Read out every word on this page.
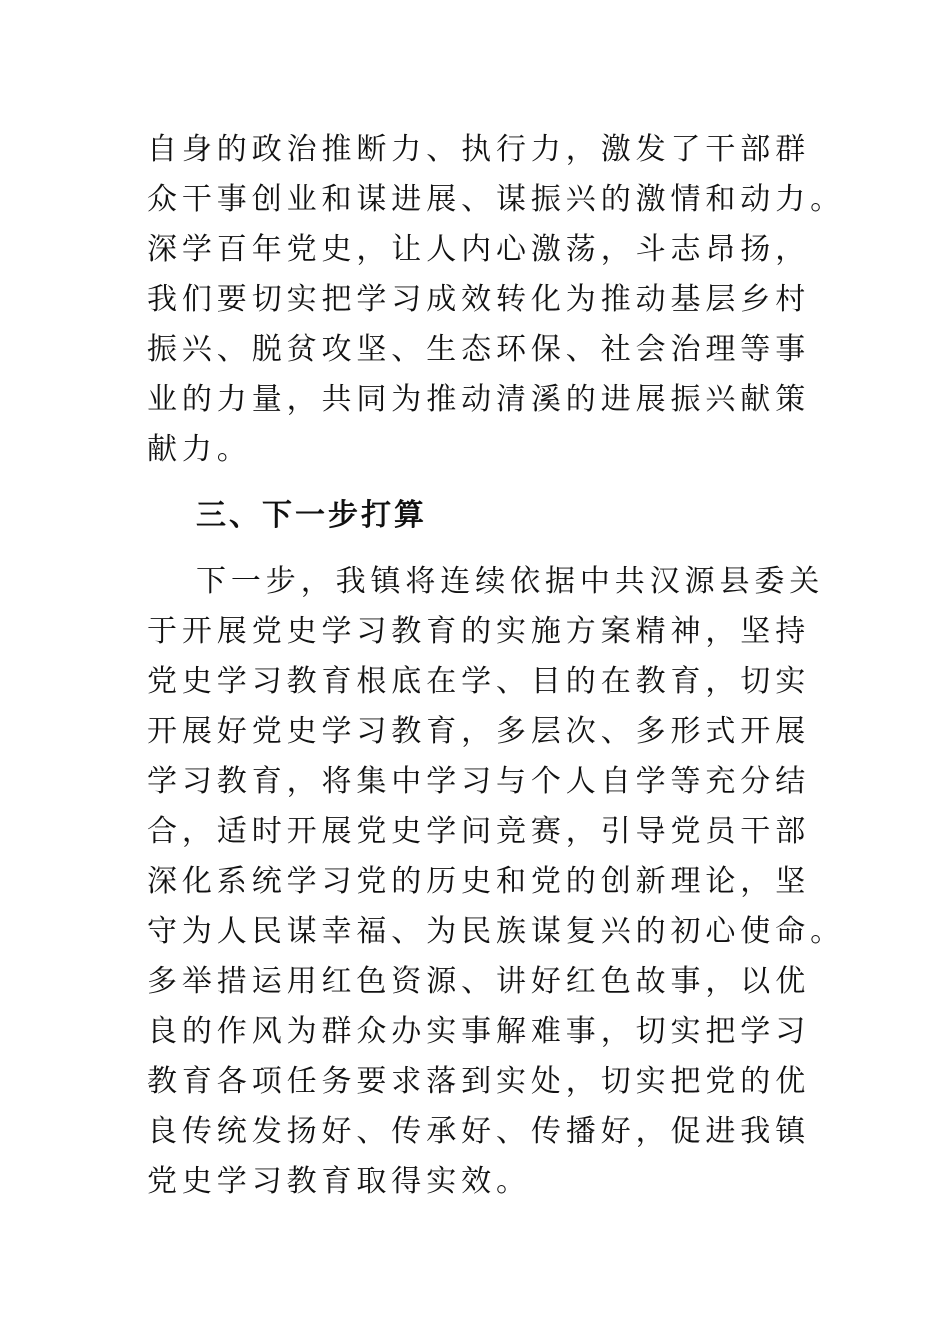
自身的政治推断力、执行力，激发了干部群
众干事创业和谋进展、谋振兴的激情和动力。
深学百年党史，让人内心激荡，斗志昂扬，
我们要切实把学习成效转化为推动基层乡村
振兴、脱贫攻坚、生态环保、社会治理等事
业的力量，共同为推动清溪的进展振兴献策
献力。
三、下一步打算
下一步，我镇将连续依据中共汉源县委关
于开展党史学习教育的实施方案精神，坚持
党史学习教育根底在学、目的在教育，切实
开展好党史学习教育，多层次、多形式开展
学习教育，将集中学习与个人自学等充分结
合，适时开展党史学问竞赛，引导党员干部
深化系统学习党的历史和党的创新理论，坚
守为人民谋幸福、为民族谋复兴的初心使命。
多举措运用红色资源、讲好红色故事，以优
良的作风为群众办实事解难事，切实把学习
教育各项任务要求落到实处，切实把党的优
良传统发扬好、传承好、传播好，促进我镇
党史学习教育取得实效。
